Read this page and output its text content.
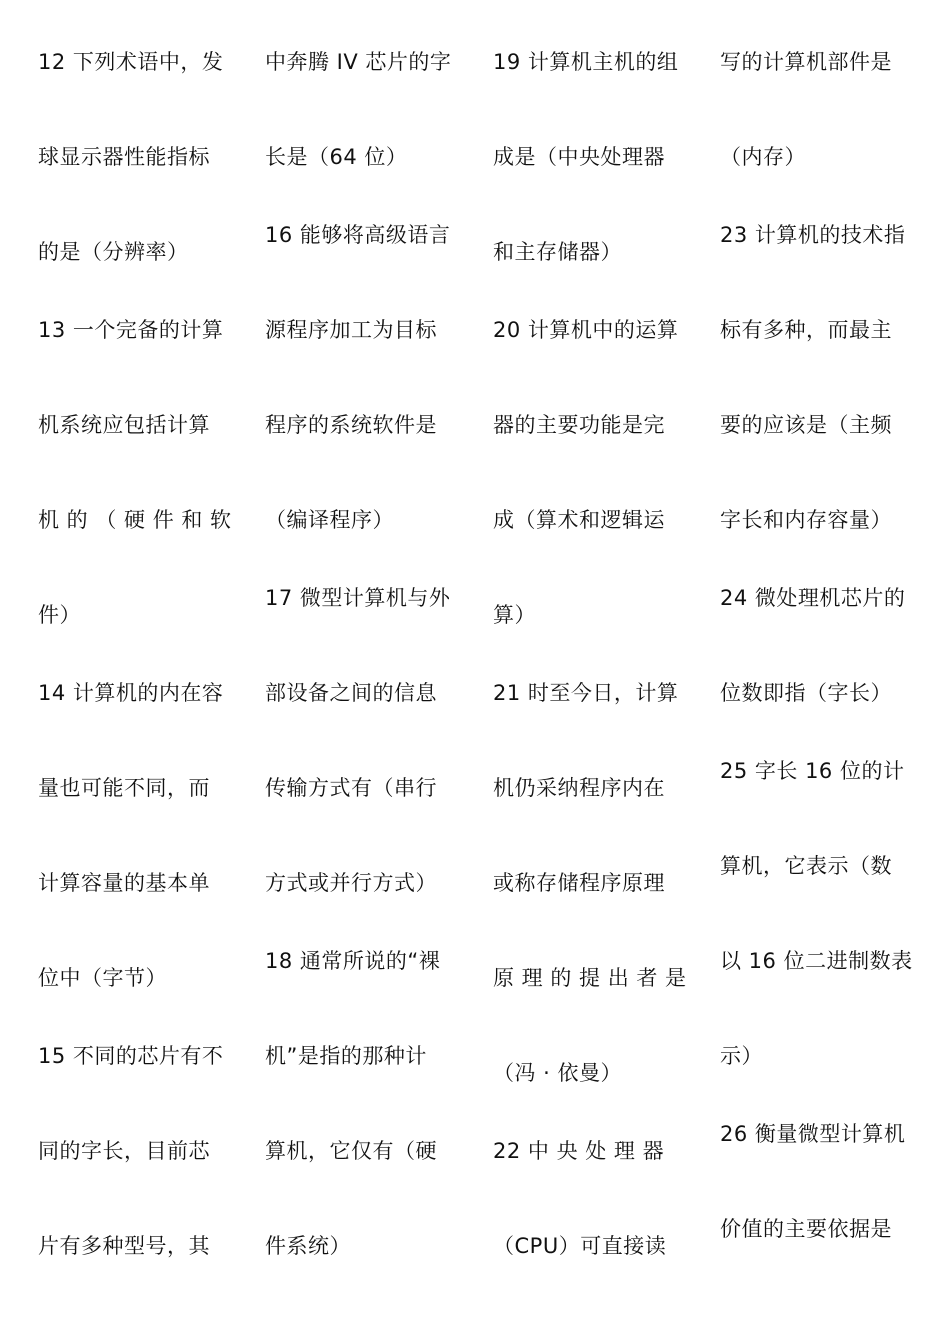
12 下列术语中，发
球显示器性能指标
的是（分辨率）
13 一个完备的计算
机系统应包括计算
机 的 （ 硬 件 和 软
件）
14 计算机的内在容
量也可能不同，而
计算容量的基本单
位中（字节）
15 不同的芯片有不
同的字长，目前芯
片有多种型号，其
中奔腾 IV 芯片的字
长是（64 位）
16 能够将高级语言
源程序加工为目标
程序的系统软件是
（编译程序）
17 微型计算机与外
部设备之间的信息
传输方式有（串行
方式或并行方式）
18 通常所说的“裸
机”是指的那种计
算机，它仅有（硬
件系统）
19 计算机主机的组
成是（中央处理器
和主存储器）
20 计算机中的运算
器的主要功能是完
成（算术和逻辑运
算）
21 时至今日，计算
机仍采纳程序内在
或称存储程序原理
原 理 的 提 出 者 是
（冯 · 依曼）
22 中 央 处 理 器
（CPU）可直接读
写的计算机部件是
（内存）
23 计算机的技术指
标有多种，而最主
要的应该是（主频
字长和内存容量）
24 微处理机芯片的
位数即指（字长）
25 字长 16 位的计
算机，它表示（数
以 16 位二进制数表
示）
26 衡量微型计算机
价值的主要依据是
